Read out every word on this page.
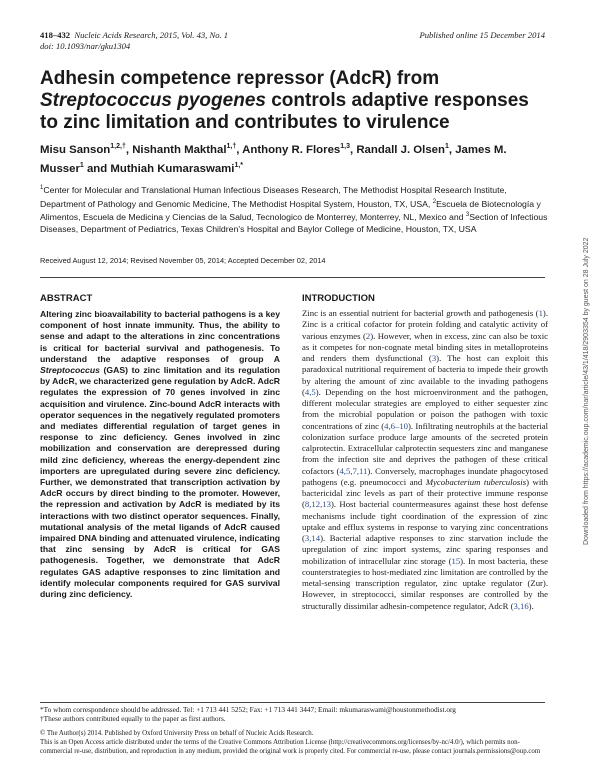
418–432 Nucleic Acids Research, 2015, Vol. 43, No. 1
doi: 10.1093/nar/gku1304
Published online 15 December 2014
Adhesin competence repressor (AdcR) from
Streptococcus pyogenes controls adaptive responses to zinc limitation and contributes to virulence
Misu Sanson$^{1,2,\dagger}$, Nishanth Makthal$^{1,\dagger}$, Anthony R. Flores$^{1,3}$, Randall J. Olsen$^1$, James M. Musser$^1$ and Muthiah Kumaraswami$^{1,*}$
$^1$Center for Molecular and Translational Human Infectious Diseases Research, The Methodist Hospital Research Institute, Department of Pathology and Genomic Medicine, The Methodist Hospital System, Houston, TX, USA, $^2$Escuela de Biotecnología y Alimentos, Escuela de Medicina y Ciencias de la Salud, Tecnologico de Monterrey, Monterrey, NL, Mexico and $^3$Section of Infectious Diseases, Department of Pediatrics, Texas Children’s Hospital and Baylor College of Medicine, Houston, TX, USA
Received August 12, 2014; Revised November 05, 2014; Accepted December 02, 2014
ABSTRACT
Altering zinc bioavailability to bacterial pathogens is a key component of host innate immunity. Thus, the ability to sense and adapt to the alterations in zinc concentrations is critical for bacterial survival and pathogenesis. To understand the adaptive responses of group A Streptococcus (GAS) to zinc limitation and its regulation by AdcR, we characterized gene regulation by AdcR. AdcR regulates the expression of 70 genes involved in zinc acquisition and virulence. Zinc-bound AdcR interacts with operator sequences in the negatively regulated promoters and mediates differential regulation of target genes in response to zinc deficiency. Genes involved in zinc mobilization and conservation are derepressed during mild zinc deficiency, whereas the energy-dependent zinc importers are upregulated during severe zinc deficiency. Further, we demonstrated that transcription activation by AdcR occurs by direct binding to the promoter. However, the repression and activation by AdcR is mediated by its interactions with two distinct operator sequences. Finally, mutational analysis of the metal ligands of AdcR caused impaired DNA binding and attenuated virulence, indicating that zinc sensing by AdcR is critical for GAS pathogenesis. Together, we demonstrate that AdcR regulates GAS adaptive responses to zinc limitation and identify molecular components required for GAS survival during zinc deficiency.
INTRODUCTION
Zinc is an essential nutrient for bacterial growth and pathogenesis (1). Zinc is a critical cofactor for protein folding and catalytic activity of various enzymes (2). However, when in excess, zinc can also be toxic as it competes for non-cognate metal binding sites in metalloproteins and renders them dysfunctional (3). The host can exploit this paradoxical nutritional requirement of bacteria to impede their growth by altering the amount of zinc available to the invading pathogens (4,5). Depending on the host microenvironment and the pathogen, different molecular strategies are employed to either sequester zinc from the microbial population or poison the pathogen with toxic concentrations of zinc (4,6–10). Infiltrating neutrophils at the bacterial colonization surface produce large amounts of the secreted protein calprotectin. Extracellular calprotectin sequesters zinc and manganese from the infection site and deprives the pathogen of these critical cofactors (4,5,7,11). Conversely, macrophages inundate phagocytosed pathogens (e.g. pneumococci and Mycobacterium tuberculosis) with bactericidal zinc levels as part of their protective immune response (8,12,13). Host bacterial countermeasures against these host defense mechanisms include tight coordination of the expression of zinc uptake and efflux systems in response to varying zinc concentrations (3,14). Bacterial adaptive responses to zinc starvation include the upregulation of zinc import systems, zinc sparing responses and mobilization of intracellular zinc storage (15). In most bacteria, these counterstrategies to host-mediated zinc limitation are controlled by the metal-sensing transcription regulator, zinc uptake regulator (Zur). However, in streptococci, similar responses are controlled by the structurally dissimilar adhesin-competence regulator, AdcR (3,16).
*To whom correspondence should be addressed. Tel: +1 713 441 5252; Fax: +1 713 441 3447; Email: mkumaraswami@houstonmethodist.org
†These authors contributed equally to the paper as first authors.
© The Author(s) 2014. Published by Oxford University Press on behalf of Nucleic Acids Research.
This is an Open Access article distributed under the terms of the Creative Commons Attribution License (http://creativecommons.org/licenses/by-nc/4.0/), which permits non-commercial re-use, distribution, and reproduction in any medium, provided the original work is properly cited. For commercial re-use, please contact journals.permissions@oup.com
Downloaded from https://academic.oup.com/nar/article/43/1/418/2903354 by guest on 28 July 2022
